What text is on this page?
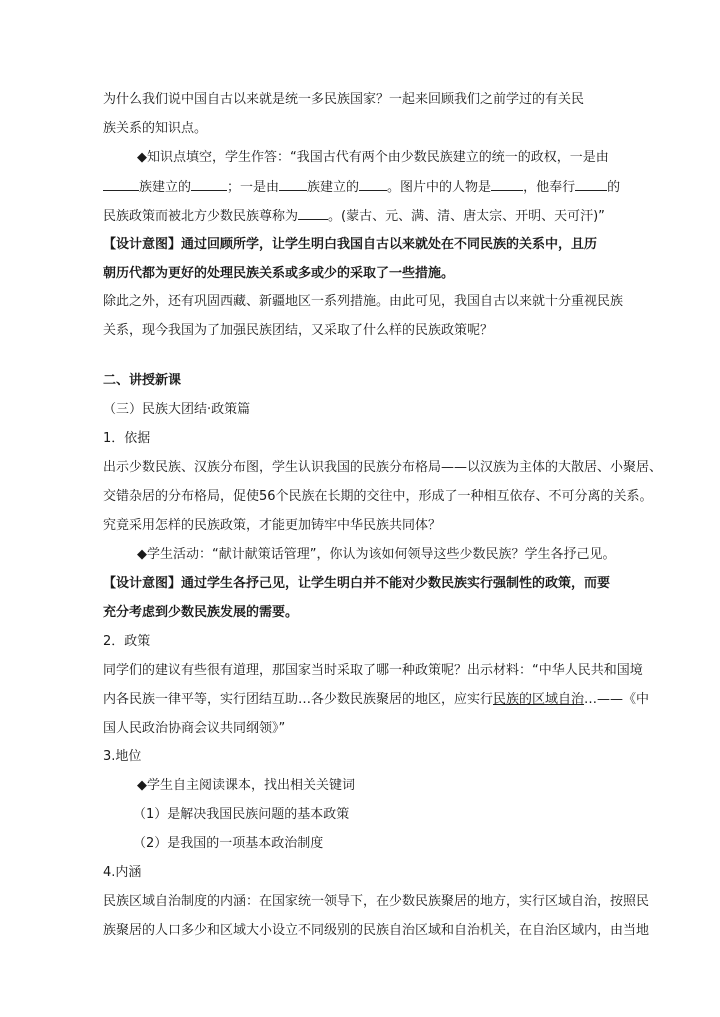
为什么我们说中国自古以来就是统一多民族国家？一起来回顾我们之前学过的有关民
族关系的知识点。
◆知识点填空，学生作答：“我国古代有两个由少数民族建立的统一的政权，一是由
族建立的	；一是由 族建立的 。图片中的人物是 ，他奉行 的
民族政策而被北方少数民族尊称为 。(蒙古、元、满、清、唐太宗、开明、天可汗)”
【设计意图】通过回顾所学，让学生明白我国自古以来就处在不同民族的关系中，且历
朝历代都为更好的处理民族关系或多或少的采取了一些措施。
除此之外，还有巩固西藏、新疆地区一系列措施。由此可见，我国自古以来就十分重视民族
关系，现今我国为了加强民族团结，又采取了什么样的民族政策呢？
二、讲授新课
（三）民族大团结·政策篇
1．依据
出示少数民族、汉族分布图，学生认识我国的民族分布格局——以汉族为主体的大散居、小聚居、
交错杂居的分布格局，促使56个民族在长期的交往中，形成了一种相互依存、不可分离的关系。
究竟采用怎样的民族政策，才能更加铸牢中华民族共同体？
◆学生活动：“献计献策话管理”，你认为该如何领导这些少数民族？学生各抒己见。
【设计意图】通过学生各抒己见，让学生明白并不能对少数民族实行强制性的政策，而要
充分考虑到少数民族发展的需要。
2．政策
同学们的建议有些很有道理，那国家当时采取了哪一种政策呢？出示材料：“中华人民共和国境
内各民族一律平等，实行团结互助…各少数民族聚居的地区，应实行民族的区域自治…——《中
国人民政治协商会议共同纲领》”
3.地位
◆学生自主阅读课本，找出相关关键词
（1）是解决我国民族问题的基本政策
（2）是我国的一项基本政治制度
4.内涵
民族区域自治制度的内涵：在国家统一领导下，在少数民族聚居的地方，实行区域自治，按照民
族聚居的人口多少和区域大小设立不同级别的民族自治区域和自治机关，在自治区域内，由当地
